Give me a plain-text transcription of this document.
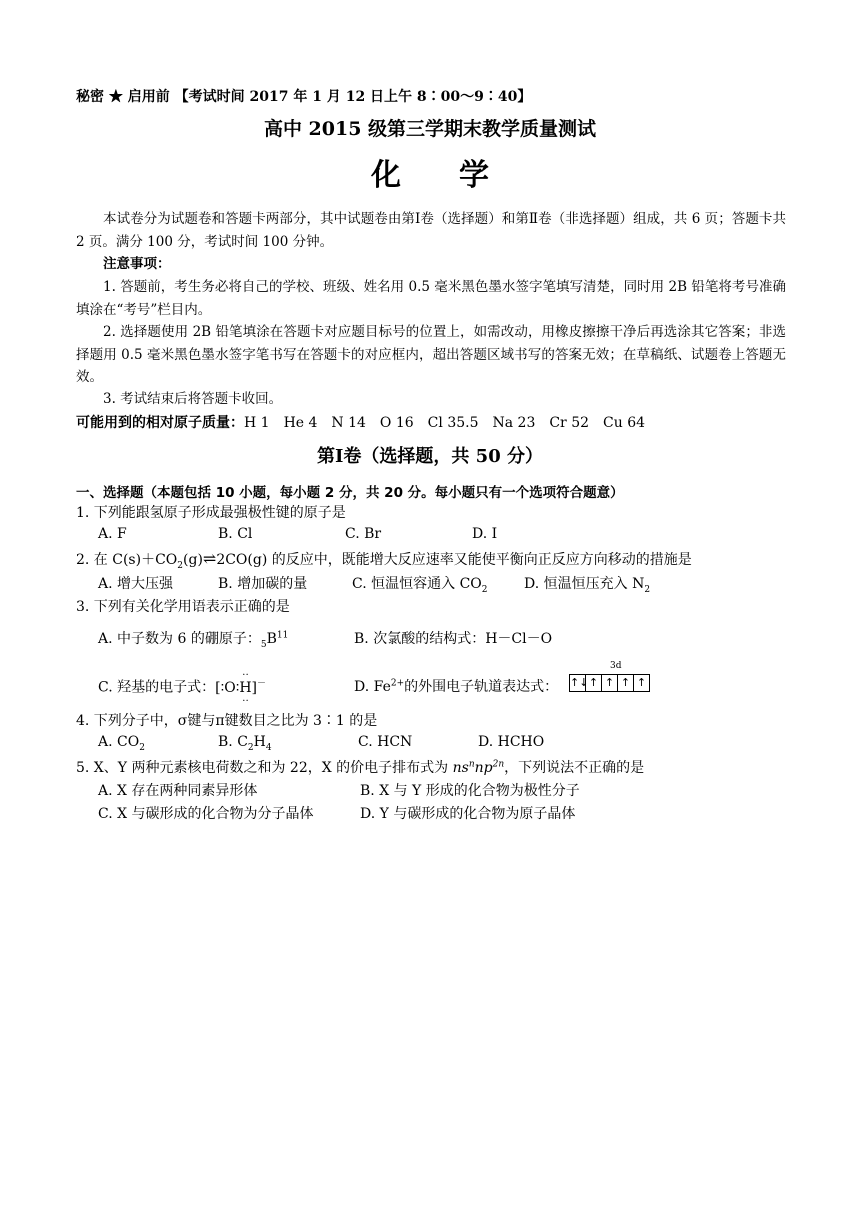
秘密 ★ 启用前 【考试时间 2017 年 1 月 12 日上午 8∶00～9∶40】
高中 2015 级第三学期末教学质量测试
化学
本试卷分为试题卷和答题卡两部分，其中试题卷由第Ⅰ卷（选择题）和第Ⅱ卷（非选择题）组成，共 6 页；答题卡共 2 页。满分 100 分，考试时间 100 分钟。
注意事项：
1. 答题前，考生务必将自己的学校、班级、姓名用 0.5 毫米黑色墨水签字笔填写清楚，同时用 2B 铅笔将考号准确填涂在“考号”栏目内。
2. 选择题使用 2B 铅笔填涂在答题卡对应题目标号的位置上，如需改动，用橡皮擦擦干净后再选涂其它答案；非选择题用 0.5 毫米黑色墨水签字笔书写在答题卡的对应框内，超出答题区域书写的答案无效；在草稿纸、试题卷上答题无效。
3. 考试结束后将答题卡收回。
可能用到的相对原子质量：H 1　He 4　N 14　O 16　Cl 35.5　Na 23　Cr 52　Cu 64
第Ⅰ卷（选择题，共 50 分）
一、选择题（本题包括 10 小题，每小题 2 分，共 20 分。每小题只有一个选项符合题意）
1. 下列能跟氢原子形成最强极性键的原子是
A. F	B. Cl	C. Br	D. I
2. 在 $C(s)+CO_2(g)\rightleftharpoons 2CO(g)$ 的反应中，既能增大反应速率又能使平衡向正反应方向移动的措施是
A. 增大压强	B. 增加碳的量	C. 恒温恒容通入 $CO_2$	D. 恒温恒压充入 $N_2$
3. 下列有关化学用语表示正确的是
A. 中子数为 6 的硼原子：$_5B^{11}$	B. 次氯酸的结构式：H－Cl－O
C. 羟基的电子式：
‥
[∶O∶H]
‥
－	D. $Fe^{2+}$的外围电子轨道表达式：
3d
↑↓↑ ↑ ↑ ↑
4. 下列分子中，σ键与π键数目之比为 3∶1 的是
A. $CO_2$	B. $C_2H_4$	C. HCN	D. HCHO
5. X、Y 两种元素核电荷数之和为 22，X 的价电子排布式为 $ns^nnp^{2n}$，下列说法不正确的是
A. X 存在两种同素异形体	B. X 与 Y 形成的化合物为极性分子
C. X 与碳形成的化合物为分子晶体	D. Y 与碳形成的化合物为原子晶体
